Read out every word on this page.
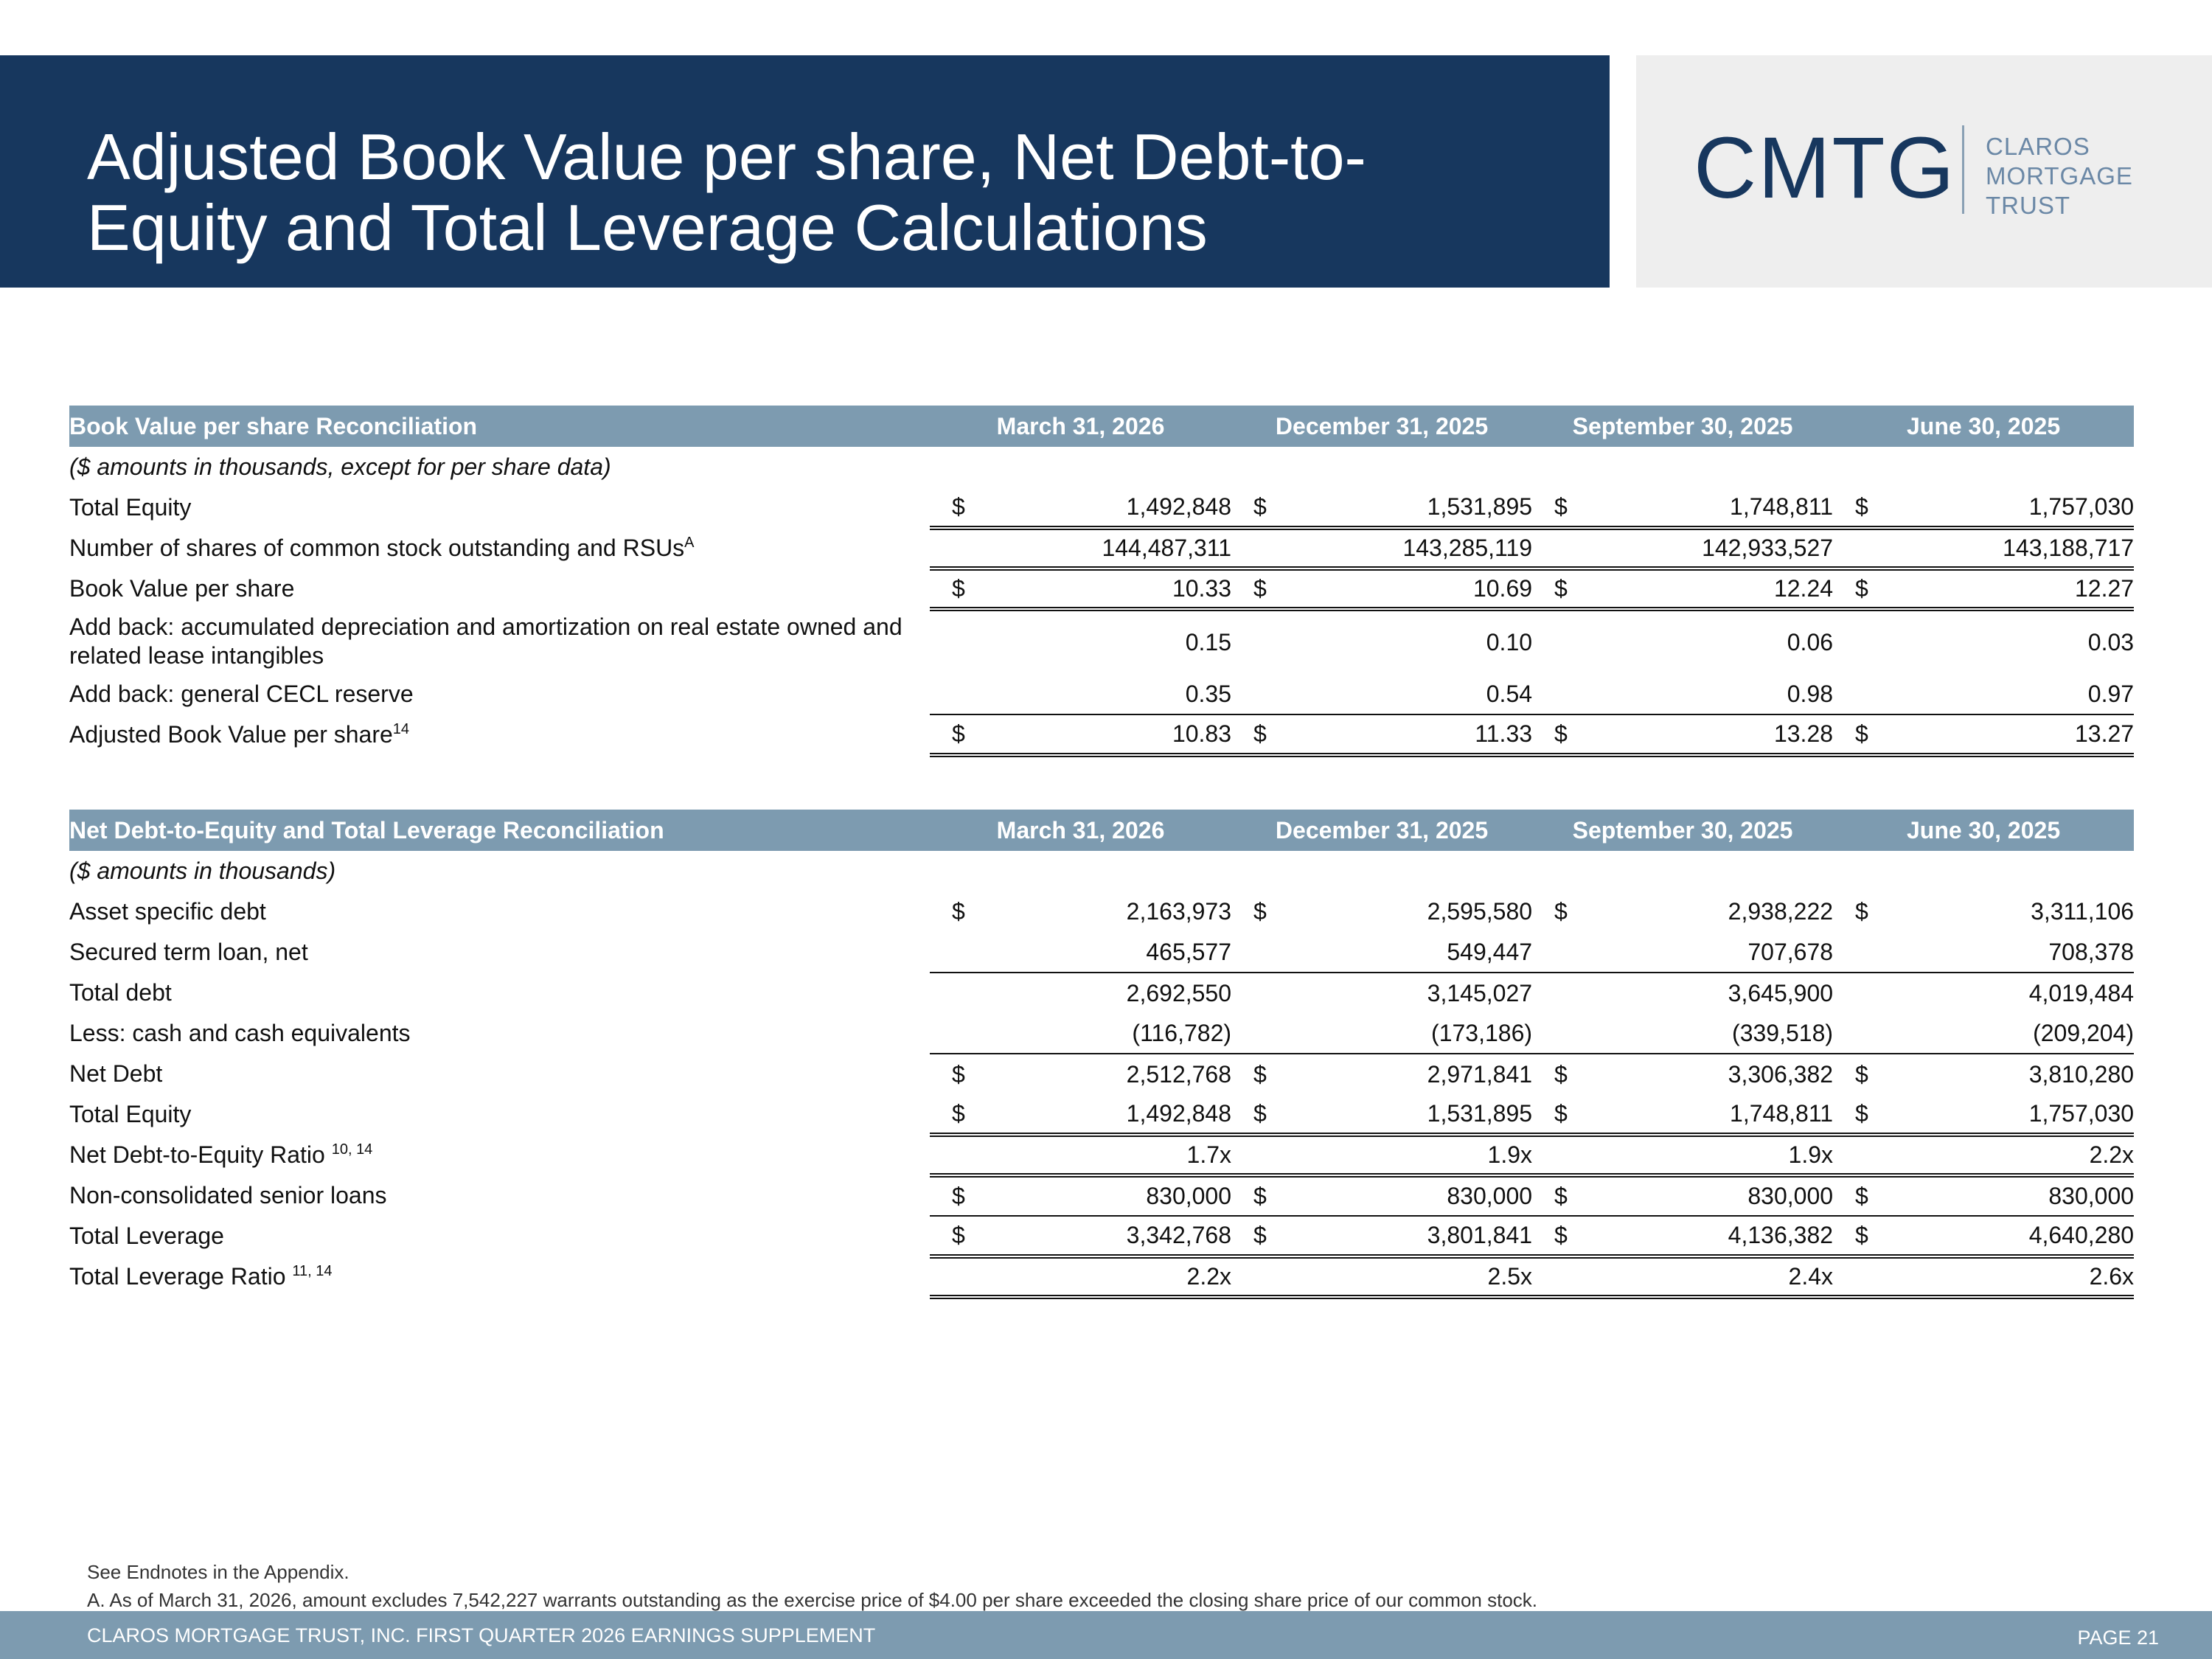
Adjusted Book Value per share, Net Debt-to-
Equity and Total Leverage Calculations
CMTG CLAROS
MORTGAGE
TRUST
Book Value per share Reconciliation	March 31, 2026		December 31, 2025		September 30, 2025		June 30, 2025	
($ amounts in thousands, except for per share data)								
Total Equity	$	1,492,848	$	1,531,895	$	1,748,811	$	1,757,030
Number of shares of common stock outstanding and RSUs$^A$		144,487,311		143,285,119		142,933,527		143,188,717
Book Value per share	$	10.33	$	10.69	$	12.24	$	12.27
Add back: accumulated depreciation and amortization on real estate owned and related lease intangibles		0.15		0.10		0.06		0.03
Add back: general CECL reserve		0.35		0.54		0.98		0.97
Adjusted Book Value per share$^{14}$	$	10.83	$	11.33	$	13.28	$	13.27
Net Debt-to-Equity and Total Leverage Reconciliation	March 31, 2026		December 31, 2025		September 30, 2025		June 30, 2025	
($ amounts in thousands)								
Asset specific debt	$	2,163,973	$	2,595,580	$	2,938,222	$	3,311,106
Secured term loan, net		465,577		549,447		707,678		708,378
Total debt		2,692,550		3,145,027		3,645,900		4,019,484
Less: cash and cash equivalents		(116,782)		(173,186)		(339,518)		(209,204)
Net Debt	$	2,512,768	$	2,971,841	$	3,306,382	$	3,810,280
Total Equity	$	1,492,848	$	1,531,895	$	1,748,811	$	1,757,030
Net Debt-to-Equity Ratio $^{10, 14}$		1.7x		1.9x		1.9x		2.2x
Non-consolidated senior loans	$	830,000	$	830,000	$	830,000	$	830,000
Total Leverage	$	3,342,768	$	3,801,841	$	4,136,382	$	4,640,280
Total Leverage Ratio $^{11, 14}$		2.2x		2.5x		2.4x		2.6x
See Endnotes in the Appendix.
A. As of March 31, 2026, amount excludes 7,542,227 warrants outstanding as the exercise price of $4.00 per share exceeded the closing share price of our common stock.
CLAROS MORTGAGE TRUST, INC. FIRST QUARTER 2026 EARNINGS SUPPLEMENT	PAGE 21
